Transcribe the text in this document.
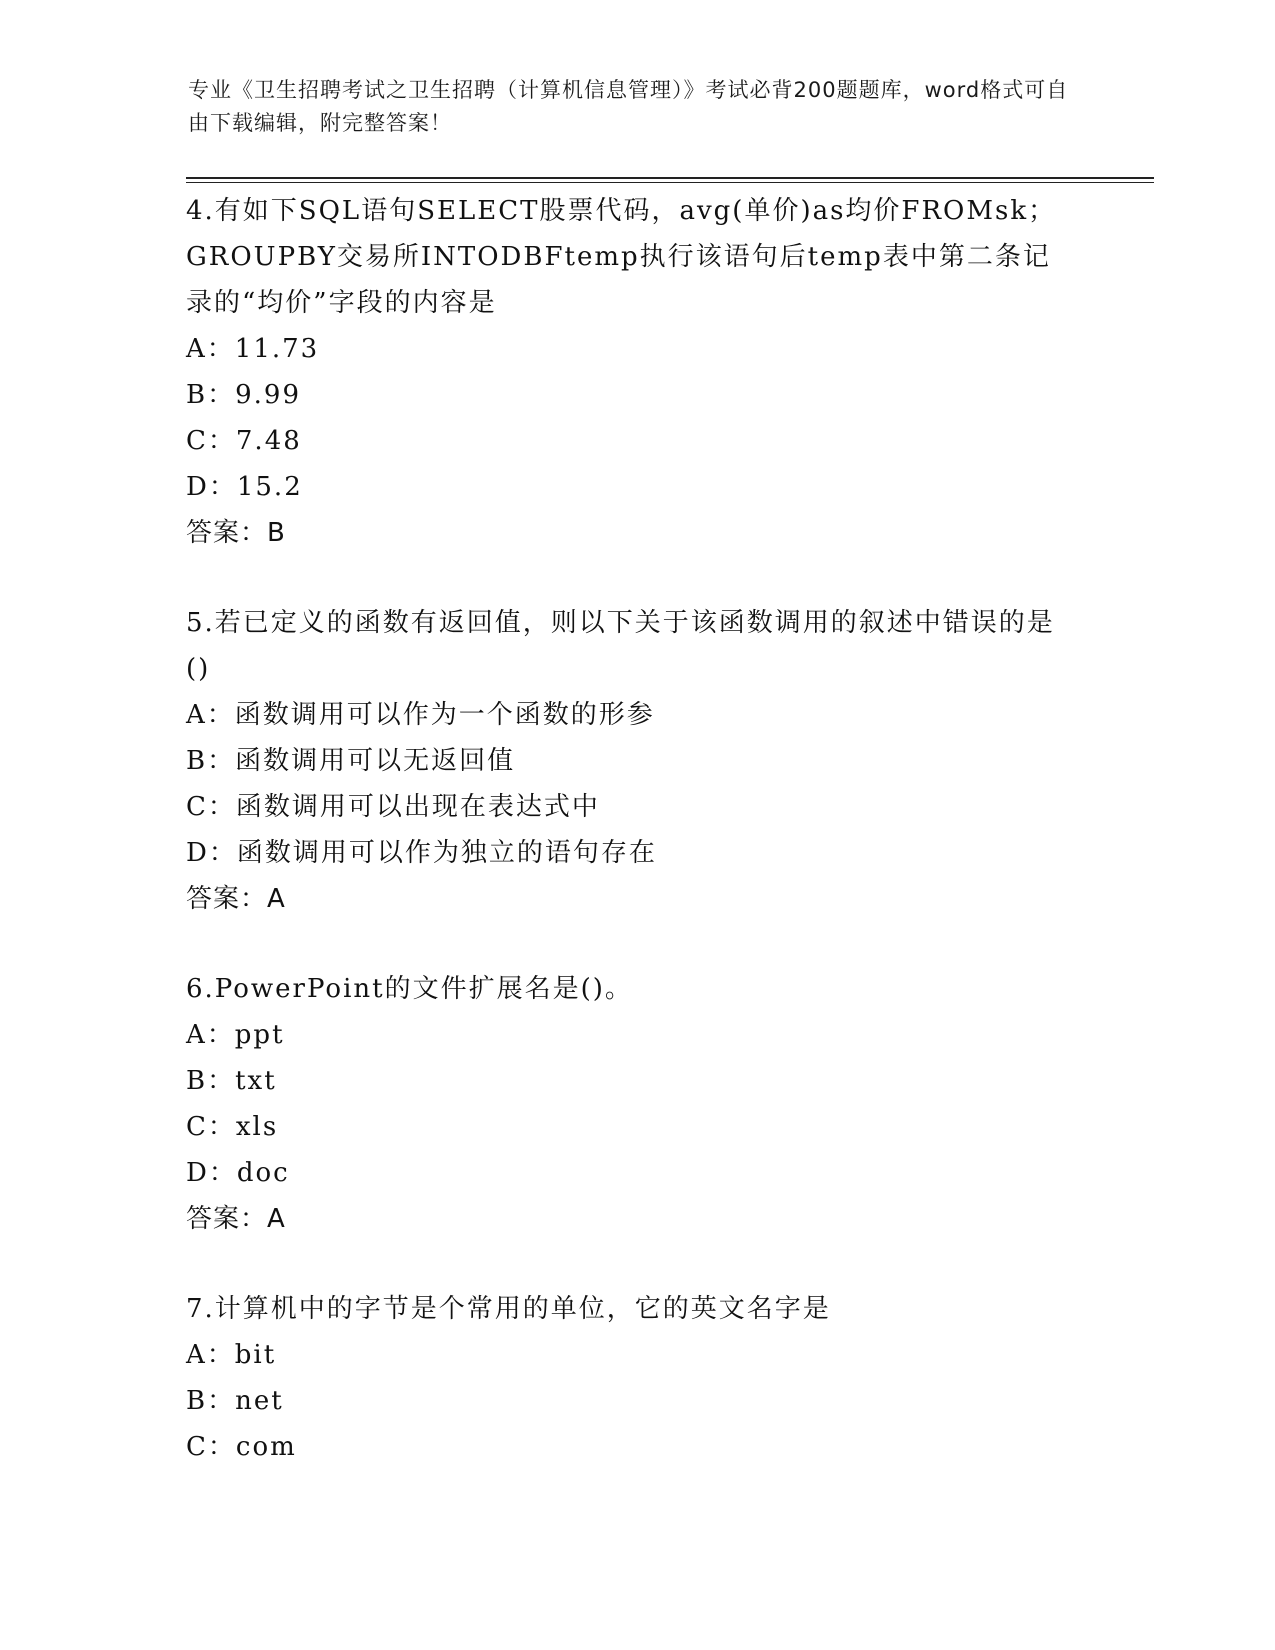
专业《卫生招聘考试之卫生招聘（计算机信息管理）》考试必背200题题库，word格式可自由下载编辑，附完整答案！

4.有如下SQL语句SELECT股票代码，avg(单价)as均价FROMsk；GROUPBY交易所INTODBFtemp执行该语句后temp表中第二条记录的“均价”字段的内容是

A：11.73

B：9.99

C：7.48

D：15.2

答案：B

5.若已定义的函数有返回值，则以下关于该函数调用的叙述中错误的是()

A：函数调用可以作为一个函数的形参

B：函数调用可以无返回值

C：函数调用可以出现在表达式中

D：函数调用可以作为独立的语句存在

答案：A

6.PowerPoint的文件扩展名是()。

A：ppt

B：txt

C：xls

D：doc

答案：A

7.计算机中的字节是个常用的单位，它的英文名字是

A：bit

B：net

C：com
